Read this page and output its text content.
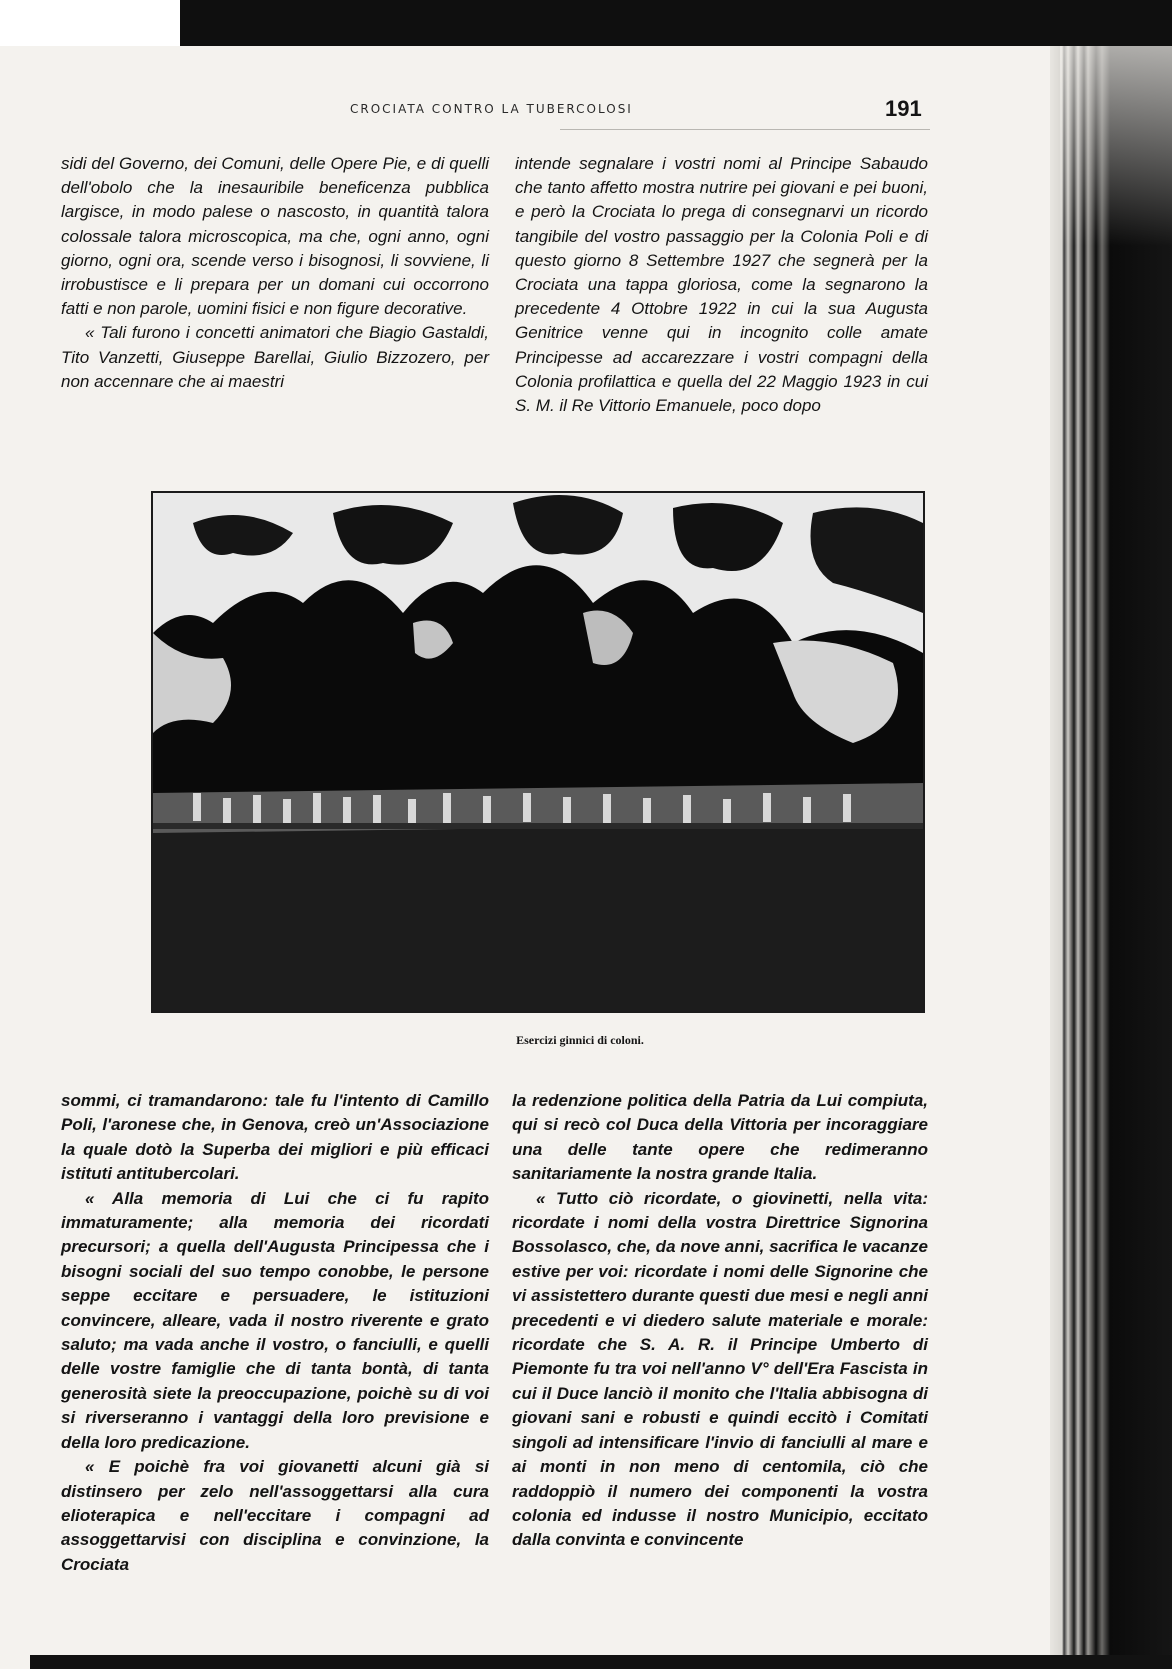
CROCIATA CONTRO LA TUBERCOLOSI	191

sidi del Governo, dei Comuni, delle Opere Pie, e di quelli dell'obolo che la inesauribile beneficenza pubblica largisce, in modo palese o nascosto, in quantità talora colossale talora microscopica, ma che, ogni anno, ogni giorno, ogni ora, scende verso i bisognosi, li sovviene, li irrobustisce e li prepara per un domani cui occorrono fatti e non parole, uomini fisici e non figure decorative.

« Tali furono i concetti animatori che Biagio Gastaldi, Tito Vanzetti, Giuseppe Barellai, Giulio Bizzozero, per non accennare che ai maestri

intende segnalare i vostri nomi al Principe Sabaudo che tanto affetto mostra nutrire pei giovani e pei buoni, e però la Crociata lo prega di consegnarvi un ricordo tangibile del vostro passaggio per la Colonia Poli e di questo giorno 8 Settembre 1927 che segnerà per la Crociata una tappa gloriosa, come la segnarono la precedente 4 Ottobre 1922 in cui la sua Augusta Genitrice venne qui in incognito colle amate Principesse ad accarezzare i vostri compagni della Colonia profilattica e quella del 22 Maggio 1923 in cui S. M. il Re Vittorio Emanuele, poco dopo

Esercizi ginnici di coloni.

sommi, ci tramandarono: tale fu l'intento di Camillo Poli, l'aronese che, in Genova, creò un'Associazione la quale dotò la Superba dei migliori e più efficaci istituti antitubercolari.

« Alla memoria di Lui che ci fu rapito immaturamente; alla memoria dei ricordati precursori; a quella dell'Augusta Principessa che i bisogni sociali del suo tempo conobbe, le persone seppe eccitare e persuadere, le istituzioni convincere, alleare, vada il nostro riverente e grato saluto; ma vada anche il vostro, o fanciulli, e quelli delle vostre famiglie che di tanta bontà, di tanta generosità siete la preoccupazione, poichè su di voi si riverseranno i vantaggi della loro previsione e della loro predicazione.

« E poichè fra voi giovanetti alcuni già si distinsero per zelo nell'assoggettarsi alla cura elioterapica e nell'eccitare i compagni ad assoggettarvisi con disciplina e convinzione, la Crociata

la redenzione politica della Patria da Lui compiuta, qui si recò col Duca della Vittoria per incoraggiare una delle tante opere che redimeranno sanitariamente la nostra grande Italia.

« Tutto ciò ricordate, o giovinetti, nella vita: ricordate i nomi della vostra Direttrice Signorina Bossolasco, che, da nove anni, sacrifica le vacanze estive per voi: ricordate i nomi delle Signorine che vi assistettero durante questi due mesi e negli anni precedenti e vi diedero salute materiale e morale: ricordate che S. A. R. il Principe Umberto di Piemonte fu tra voi nell'anno V° dell'Era Fascista in cui il Duce lanciò il monito che l'Italia abbisogna di giovani sani e robusti e quindi eccitò i Comitati singoli ad intensificare l'invio di fanciulli al mare e ai monti in non meno di centomila, ciò che raddoppiò il numero dei componenti la vostra colonia ed indusse il nostro Municipio, eccitato dalla convinta e convincente
